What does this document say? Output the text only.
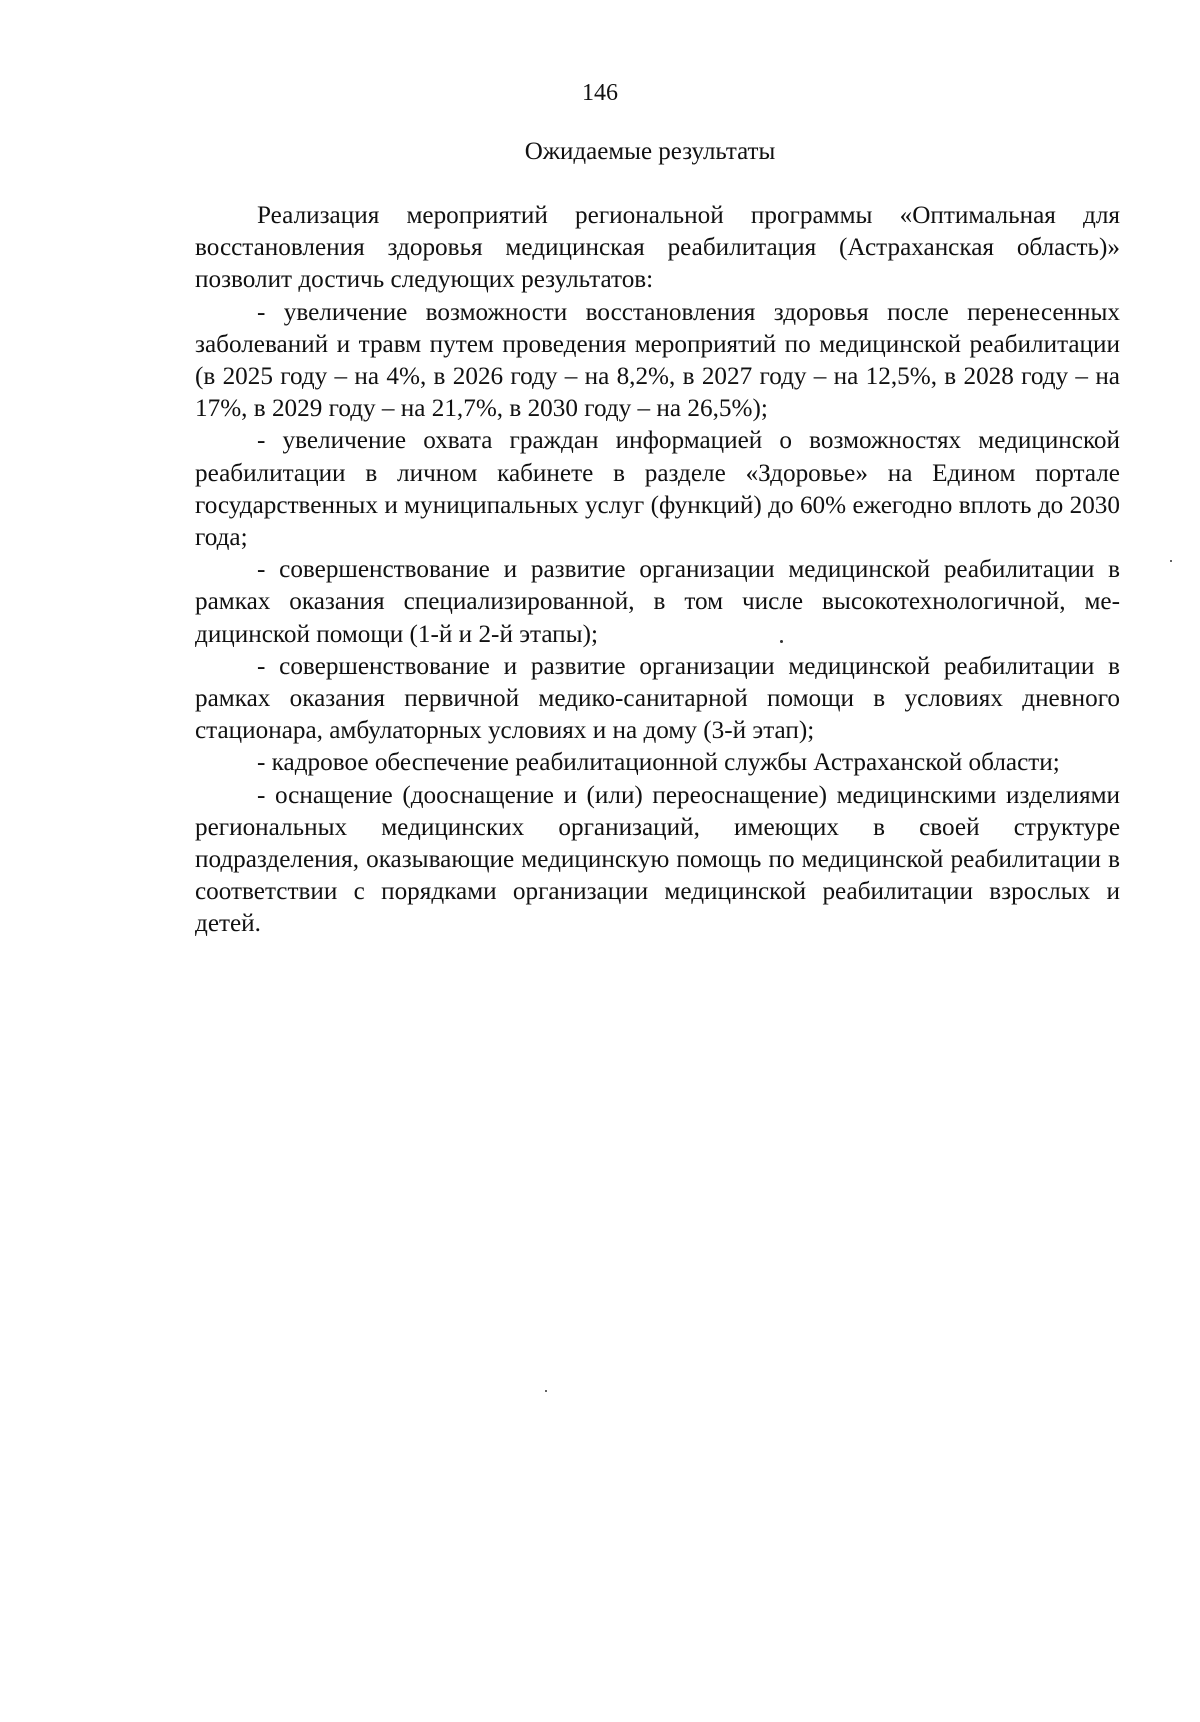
146
Ожидаемые результаты

Реализация мероприятий региональной программы «Оптимальная для восстановления здоровья медицинская реабилитация (Астраханская область)» позволит достичь следующих результатов:

- увеличение возможности восстановления здоровья после перенесенных заболеваний и травм путем проведения мероприятий по медицинской реабилитации (в 2025 году – на 4%, в 2026 году – на 8,2%, в 2027 году – на 12,5%, в 2028 году – на 17%, в 2029 году – на 21,7%, в 2030 году – на 26,5%);

- увеличение охвата граждан информацией о возможностях медицинской реабилитации в личном кабинете в разделе «Здоровье» на Едином портале государственных и муниципальных услуг (функций) до 60% ежегодно вплоть до 2030 года;

- совершенствование и развитие организации медицинской реабилитации в рамках оказания специализированной, в том числе высокотехнологичной, медицинской помощи (1-й и 2-й этапы);

- совершенствование и развитие организации медицинской реабилитации в рамках оказания первичной медико-санитарной помощи в условиях дневного стационара, амбулаторных условиях и на дому (3-й этап);

- кадровое обеспечение реабилитационной службы Астраханской области;

- оснащение (дооснащение и (или) переоснащение) медицинскими изделиями региональных медицинских организаций, имеющих в своей структуре подразделения, оказывающие медицинскую помощь по медицинской реабилитации в соответствии с порядками организации медицинской реабилитации взрослых и детей.
